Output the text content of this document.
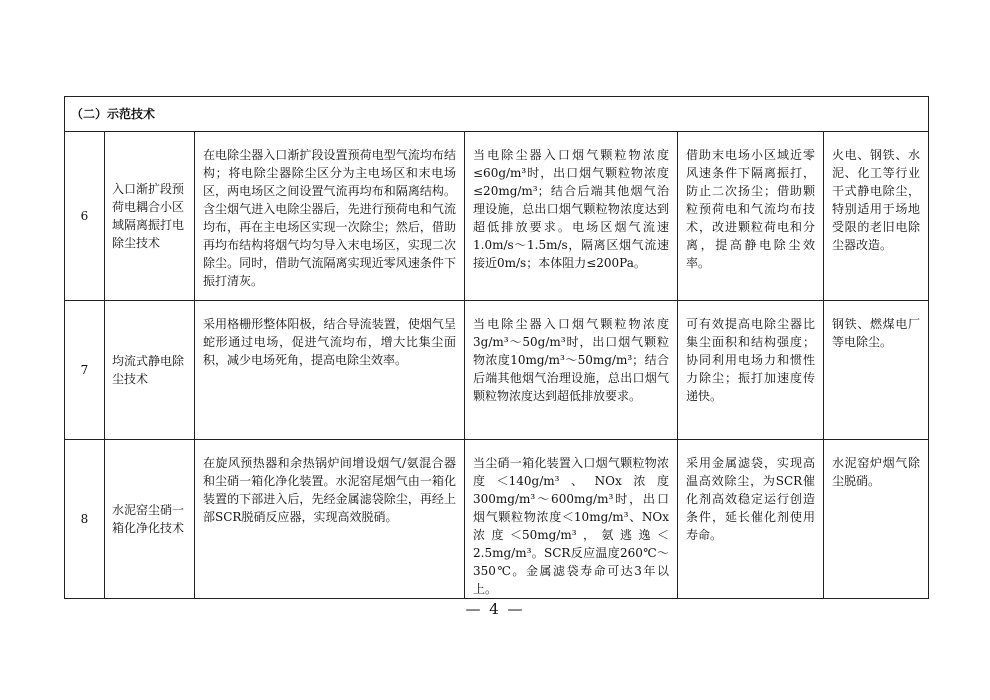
（二）示范技术					
6	入口渐扩段预荷电耦合小区域隔离振打电除尘技术	在电除尘器入口渐扩段设置预荷电型气流均布结构；将电除尘器除尘区分为主电场区和末电场区，两电场区之间设置气流再均布和隔离结构。含尘烟气进入电除尘器后，先进行预荷电和气流均布，再在主电场区实现一次除尘；然后，借助再均布结构将烟气均匀导入末电场区，实现二次除尘。同时，借助气流隔离实现近零风速条件下振打清灰。	当电除尘器入口烟气颗粒物浓度≤60g/m³时，出口烟气颗粒物浓度≤20mg/m³；结合后端其他烟气治理设施，总出口烟气颗粒物浓度达到超低排放要求。电场区烟气流速1.0m/s～1.5m/s，隔离区烟气流速接近0m/s；本体阻力≤200Pa。	借助末电场小区域近零风速条件下隔离振打，防止二次扬尘；借助颗粒预荷电和气流均布技术，改进颗粒荷电和分离，提高静电除尘效率。	火电、钢铁、水泥、化工等行业干式静电除尘，特别适用于场地受限的老旧电除尘器改造。
7	均流式静电除尘技术	采用格栅形整体阳极，结合导流装置，使烟气呈蛇形通过电场，促进气流均布，增大比集尘面积，减少电场死角，提高电除尘效率。	当电除尘器入口烟气颗粒物浓度3g/m³～50g/m³时，出口烟气颗粒物浓度10mg/m³～50mg/m³；结合后端其他烟气治理设施，总出口烟气颗粒物浓度达到超低排放要求。	可有效提高电除尘器比集尘面积和结构强度；协同利用电场力和惯性力除尘；振打加速度传递快。	钢铁、燃煤电厂等电除尘。
8	水泥窑尘硝一箱化净化技术	在旋风预热器和余热锅炉间增设烟气/氨混合器和尘硝一箱化净化装置。水泥窑尾烟气由一箱化装置的下部进入后，先经金属滤袋除尘，再经上部SCR脱硝反应器，实现高效脱硝。	当尘硝一箱化装置入口烟气颗粒物浓度＜140g/m³、NOx浓度300mg/m³～600mg/m³时，出口烟气颗粒物浓度＜10mg/m³、NOx浓度＜50mg/m³，氨逃逸＜2.5mg/m³。SCR反应温度260℃～350℃。金属滤袋寿命可达3年以上。	采用金属滤袋，实现高温高效除尘，为SCR催化剂高效稳定运行创造条件，延长催化剂使用寿命。	水泥窑炉烟气除尘脱硝。
— 4 —
